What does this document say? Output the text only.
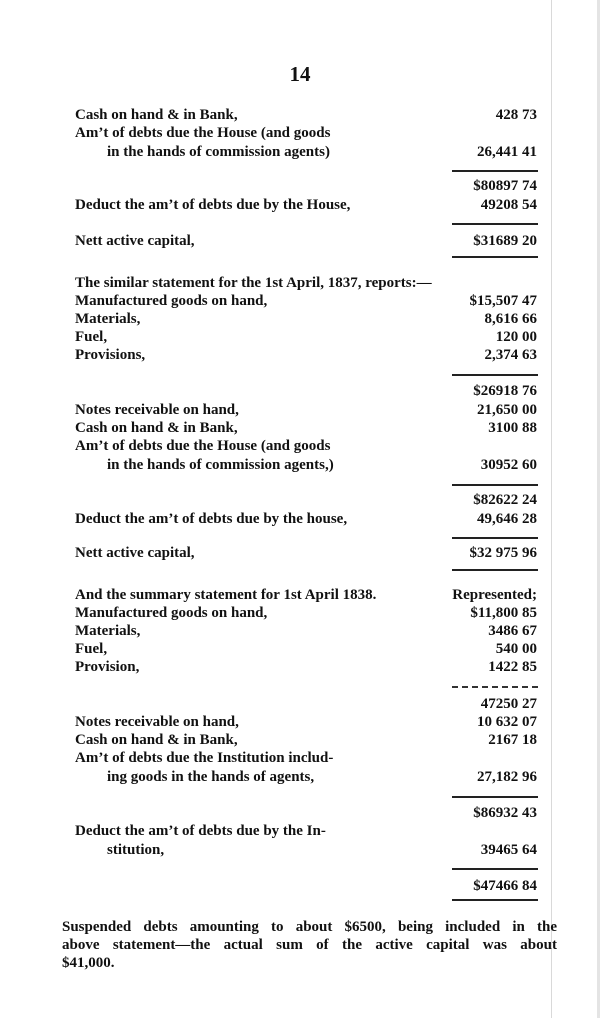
14
Cash on hand & in Bank,	428 73
Am’t of debts due the House (and goods
in the hands of commission agents)	26,441 41
$80897 74
Deduct the am’t of debts due by the House,	49208 54
Nett active capital,	$31689 20
The similar statement for the 1st April, 1837, reports:—
Manufactured goods on hand,	$15,507 47
Materials,	8,616 66
Fuel,	120 00
Provisions,	2,374 63
$26918 76
Notes receivable on hand,	21,650 00
Cash on hand & in Bank,	3100 88
Am’t of debts due the House (and goods
in the hands of commission agents,)	30952 60
$82622 24
Deduct the am’t of debts due by the house,	49,646 28
Nett active capital,	$32 975 96
And the summary statement for 1st April 1838.	Represented;
Manufactured goods on hand,	$11,800 85
Materials,	3486 67
Fuel,	540 00
Provision,	1422 85
47250 27
Notes receivable on hand,	10 632 07
Cash on hand & in Bank,	2167 18
Am’t of debts due the Institution includ-
ing goods in the hands of agents,	27,182 96
$86932 43
Deduct the am’t of debts due by the In-
stitution,	39465 64
$47466 84
Suspended debts amounting to about $6500, being included in the
above statement—the actual sum of the active capital was about
$41,000.
